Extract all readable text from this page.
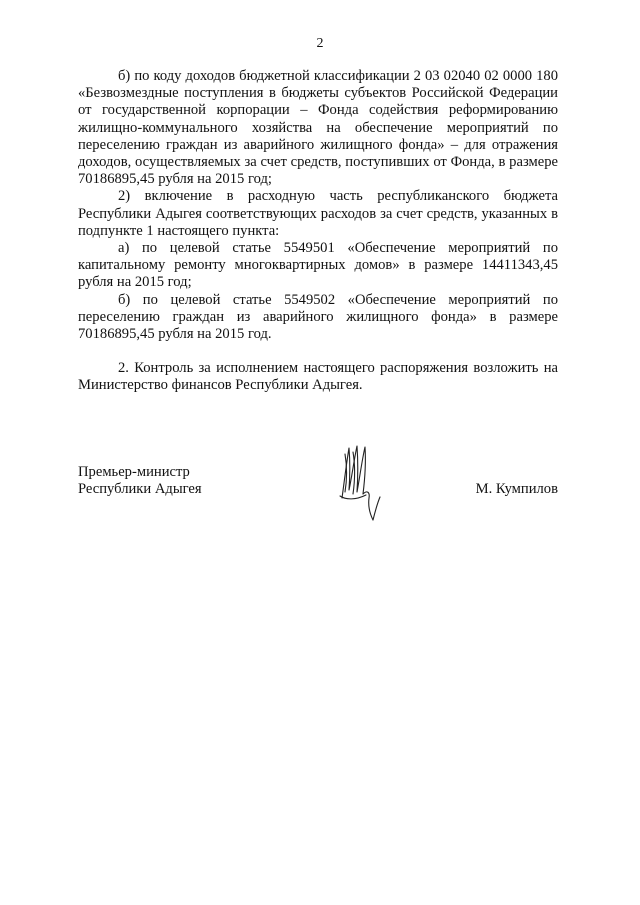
2

б) по коду доходов бюджетной классификации 2 03 02040 02 0000 180 «Безвозмездные поступления в бюджеты субъектов Российской Федерации от государственной корпорации – Фонда содействия реформированию жилищно-коммунального хозяйства на обеспечение мероприятий по переселению граждан из аварийного жилищного фонда» – для отражения доходов, осуществляемых за счет средств, поступивших от Фонда, в размере 70186895,45 рубля на 2015 год;

2) включение в расходную часть республиканского бюджета Республики Адыгея соответствующих расходов за счет средств, указанных в подпункте 1 настоящего пункта:

а) по целевой статье 5549501 «Обеспечение мероприятий по капитальному ремонту многоквартирных домов» в размере 14411343,45 рубля на 2015 год;

б) по целевой статье 5549502 «Обеспечение мероприятий по переселению граждан из аварийного жилищного фонда» в размере 70186895,45 рубля на 2015 год.

2. Контроль за исполнением настоящего распоряжения возложить на Министерство финансов Республики Адыгея.

Премьер-министр
Республики Адыгея	М. Кумпилов
